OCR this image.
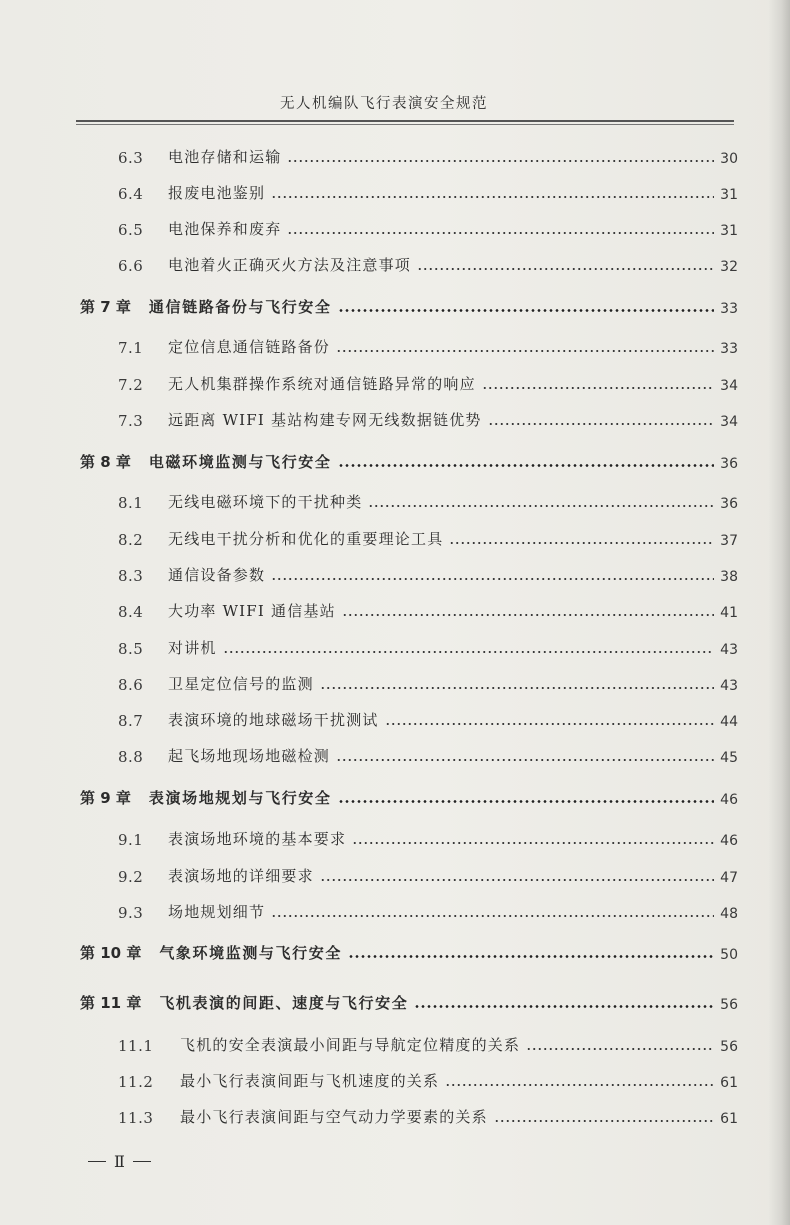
无人机编队飞行表演安全规范
6.3	电池存储和运输	30
6.4	报废电池鉴别	31
6.5	电池保养和废弃	31
6.6	电池着火正确灭火方法及注意事项	32
第 7 章 通信链路备份与飞行安全	33
7.1	定位信息通信链路备份	33
7.2	无人机集群操作系统对通信链路异常的响应	34
7.3	远距离 WIFI 基站构建专网无线数据链优势	34
第 8 章 电磁环境监测与飞行安全	36
8.1	无线电磁环境下的干扰种类	36
8.2	无线电干扰分析和优化的重要理论工具	37
8.3	通信设备参数	38
8.4	大功率 WIFI 通信基站	41
8.5	对讲机	43
8.6	卫星定位信号的监测	43
8.7	表演环境的地球磁场干扰测试	44
8.8	起飞场地现场地磁检测	45
第 9 章 表演场地规划与飞行安全	46
9.1	表演场地环境的基本要求	46
9.2	表演场地的详细要求	47
9.3	场地规划细节	48
第 10 章 气象环境监测与飞行安全	50
第 11 章 飞机表演的间距、速度与飞行安全	56
11.1	飞机的安全表演最小间距与导航定位精度的关系	56
11.2	最小飞行表演间距与飞机速度的关系	61
11.3	最小飞行表演间距与空气动力学要素的关系	61
Ⅱ
